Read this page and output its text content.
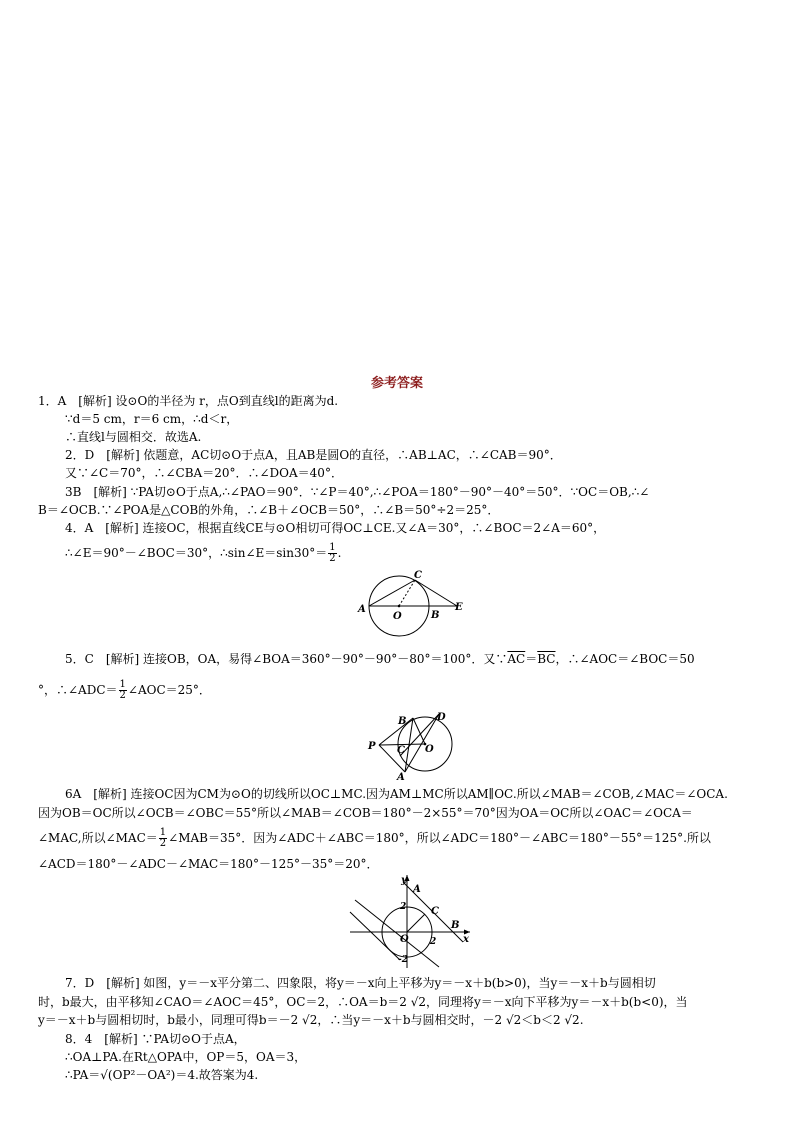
参考答案
1．A　[解析] 设⊙O的半径为 r，点O到直线l的距离为d.
∵d＝5 cm，r＝6 cm，∴d＜r，
∴直线l与圆相交．故选A.
2．D　[解析] 依题意，AC切⊙O于点A，且AB是圆O的直径，∴AB⊥AC，∴∠CAB＝90°．
又∵∠C＝70°，∴∠CBA＝20°．∴∠DOA＝40°．
3B　[解析] ∵PA切⊙O于点A,∴∠PAO＝90°．∵∠P＝40°,∴∠POA＝180°－90°－40°＝50°．∵OC＝OB,∴∠
B＝∠OCB.∵∠POA是△COB的外角，∴∠B＋∠OCB＝50°，∴∠B＝50°÷2＝25°．
4．A　[解析] 连接OC，根据直线CE与⊙O相切可得OC⊥CE.又∠A＝30°，∴∠BOC＝2∠A＝60°，
∴∠E＝90°－∠BOC＝30°，∴sin∠E＝sin30°＝ $\frac{1}{2}$ .
A
C
O	B
E
5．C　[解析] 连接OB，OA，易得∠BOA＝360°－90°－90°－80°＝100°．又$\because\overline{AC}=\overline{BC}$，∴∠AOC＝∠BOC＝50
°，∴∠ADC＝ $\frac{1}{2}$ ∠AOC＝25°．
P
B	D
C O
A
6A　[解析] 连接OC因为CM为⊙O的切线所以OC⊥MC.因为AM⊥MC所以AM∥OC.所以∠MAB＝∠COB,∠MAC＝∠OCA.
因为OB＝OC所以∠OCB＝∠OBC＝55°所以∠MAB＝∠COB＝180°－2×55°＝70°因为OA＝OC所以∠OAC＝∠OCA＝
∠MAC,所以∠MAC＝ $\frac{1}{2}$ ∠MAB＝35°．因为∠ADC＋∠ABC＝180°，所以∠ADC＝180°－∠ABC＝180°－55°＝125°.所以
∠ACD＝180°－∠ADC－∠MAC＝180°－125°－35°＝20°．
y
A
2 C
B
O 2	x
-2
7．D　[解析] 如图，y＝－x平分第二、四象限，将y＝－x向上平移为y＝－x＋b(b>0)，当y＝－x＋b与圆相切
时，b最大，由平移知∠CAO＝∠AOC＝45°，OC＝2，∴OA＝b＝2 √2，同理将y＝－x向下平移为y＝－x＋b(b<0)，当
y＝－x＋b与圆相切时，b最小，同理可得b＝－2 √2，∴当y＝－x＋b与圆相交时，－2 √2＜b＜2 √2.
8．4　[解析] ∵PA切⊙O于点A，
∴OA⊥PA.在Rt△OPA中，OP＝5，OA＝3，
∴PA＝√(OP²－OA²)＝4.故答案为4.
